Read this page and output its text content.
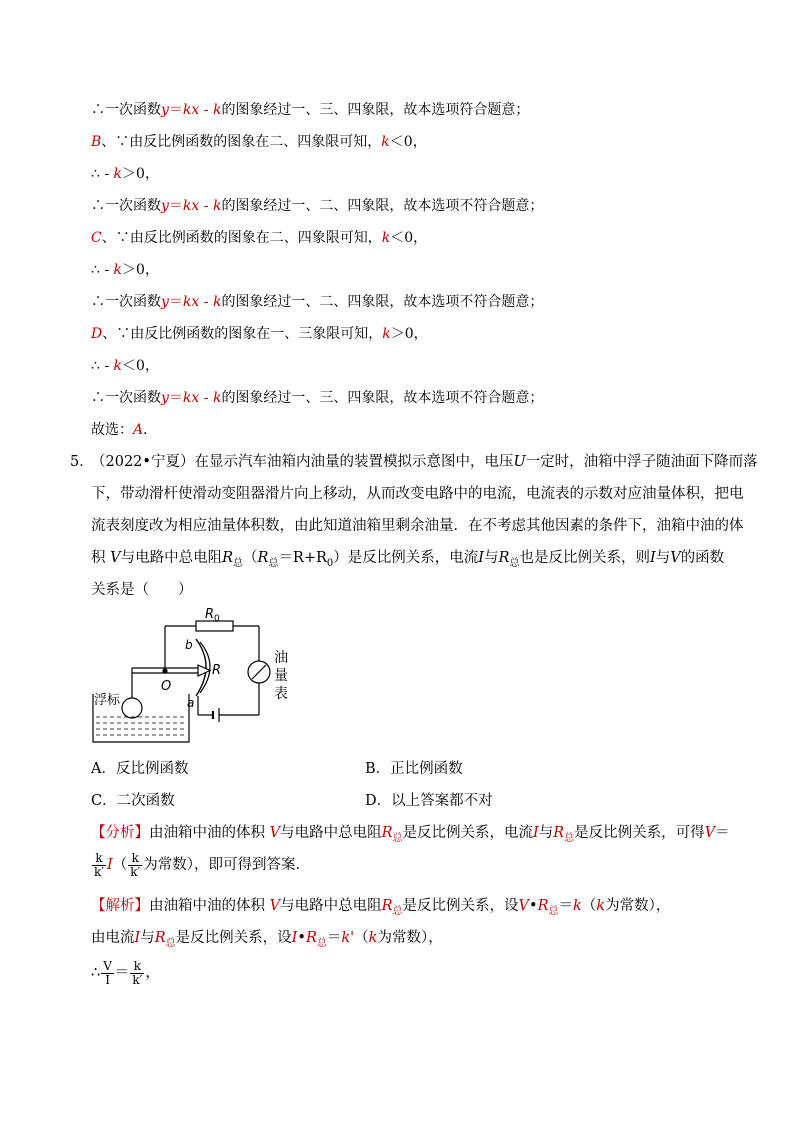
∴一次函数y＝kx - k的图象经过一、三、四象限，故本选项符合题意；
B、∵由反比例函数的图象在二、四象限可知，k＜0，
∴ - k＞0，
∴一次函数y＝kx - k的图象经过一、二、四象限，故本选项不符合题意；
C、∵由反比例函数的图象在二、四象限可知，k＜0，
∴ - k＞0，
∴一次函数y＝kx - k的图象经过一、二、四象限，故本选项不符合题意；
D、∵由反比例函数的图象在一、三象限可知，k＞0，
∴ - k＜0，
∴一次函数y＝kx - k的图象经过一、三、四象限，故本选项不符合题意；
故选：A．
5．
（2022•宁夏）在显示汽车油箱内油量的装置模拟示意图中，电压U一定时，油箱中浮子随油面下降而落
下，带动滑杆使滑动变阻器滑片向上移动，从而改变电路中的电流，电流表的示数对应油量体积，把电
流表刻度改为相应油量体积数，由此知道油箱里剩余油量．在不考虑其他因素的条件下，油箱中油的体
积 V与电路中总电阻$R_总(R_总=R+R_0)$是反比例关系，电流I与$R_总$也是反比例关系，则I与V的函数
关系是（　　）
$R_0$
b
R
O
a
浮标
油
量
表
A．反比例函数	B．正比例函数
C．二次函数	D．以上答案都不对
【分析】由油箱中油的体积 V与电路中总电阻$R_总$是反比例关系，电流I与$R_总$是反比例关系，可得V＝
$\frac{k}{k'} I( \frac{k}{k'}$ 为常数），即可得到答案．
【解析】由油箱中油的体积 V与电路中总电阻$R_总$是反比例关系，设$V•R_总=k(k$为常数），
由电流I与$R_总$是反比例关系，设$I•R_总=k'(k$为常数），
∴ $\frac{V}{I} = \frac{k}{k'}$ ，
